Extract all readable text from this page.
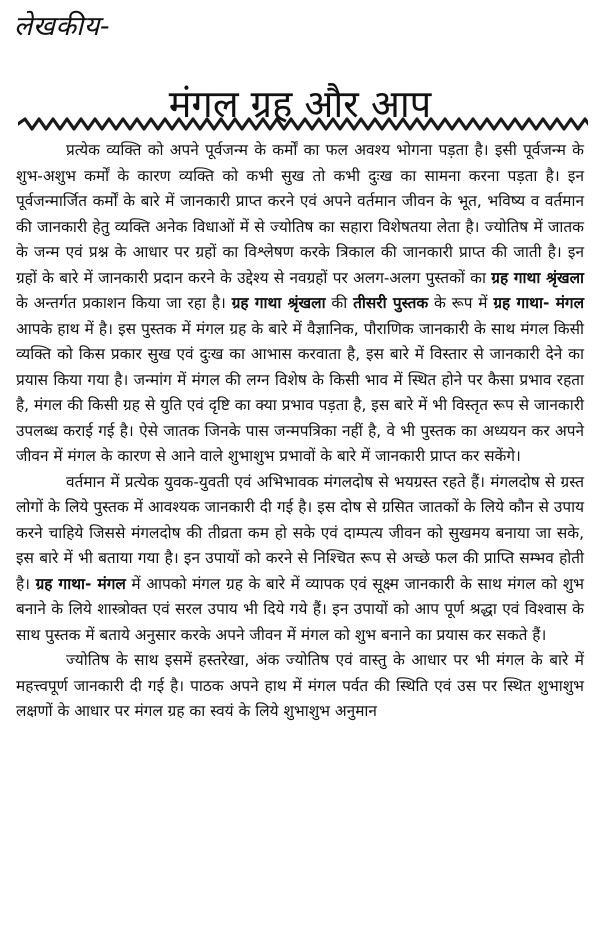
लेखकीय-
मंगल ग्रह और आप

प्रत्येक व्यक्ति को अपने पूर्वजन्म के कर्मों का फल अवश्य भोगना पड़ता है। इसी पूर्वजन्म के शुभ-अशुभ कर्मों के कारण व्यक्ति को कभी सुख तो कभी दुःख का सामना करना पड़ता है। इन पूर्वजन्मार्जित कर्मों के बारे में जानकारी प्राप्त करने एवं अपने वर्तमान जीवन के भूत, भविष्य व वर्तमान की जानकारी हेतु व्यक्ति अनेक विधाओं में से ज्योतिष का सहारा विशेषतया लेता है। ज्योतिष में जातक के जन्म एवं प्रश्न के आधार पर ग्रहों का विश्लेषण करके त्रिकाल की जानकारी प्राप्त की जाती है। इन ग्रहों के बारे में जानकारी प्रदान करने के उद्देश्य से नवग्रहों पर अलग-अलग पुस्तकों का ग्रह गाथा श्रृंखला के अन्तर्गत प्रकाशन किया जा रहा है। ग्रह गाथा श्रृंखला की तीसरी पुस्तक के रूप में ग्रह गाथा- मंगल आपके हाथ में है। इस पुस्तक में मंगल ग्रह के बारे में वैज्ञानिक, पौराणिक जानकारी के साथ मंगल किसी व्यक्ति को किस प्रकार सुख एवं दुःख का आभास करवाता है, इस बारे में विस्तार से जानकारी देने का प्रयास किया गया है। जन्मांग में मंगल की लग्न विशेष के किसी भाव में स्थित होने पर कैसा प्रभाव रहता है, मंगल की किसी ग्रह से युति एवं दृष्टि का क्या प्रभाव पड़ता है, इस बारे में भी विस्तृत रूप से जानकारी उपलब्ध कराई गई है। ऐसे जातक जिनके पास जन्मपत्रिका नहीं है, वे भी पुस्तक का अध्ययन कर अपने जीवन में मंगल के कारण से आने वाले शुभाशुभ प्रभावों के बारे में जानकारी प्राप्त कर सकेंगे।

वर्तमान में प्रत्येक युवक-युवती एवं अभिभावक मंगलदोष से भयग्रस्त रहते हैं। मंगलदोष से ग्रस्त लोगों के लिये पुस्तक में आवश्यक जानकारी दी गई है। इस दोष से ग्रसित जातकों के लिये कौन से उपाय करने चाहिये जिससे मंगलदोष की तीव्रता कम हो सके एवं दाम्पत्य जीवन को सुखमय बनाया जा सके, इस बारे में भी बताया गया है। इन उपायों को करने से निश्चित रूप से अच्छे फल की प्राप्ति सम्भव होती है। ग्रह गाथा- मंगल में आपको मंगल ग्रह के बारे में व्यापक एवं सूक्ष्म जानकारी के साथ मंगल को शुभ बनाने के लिये शास्त्रोक्त एवं सरल उपाय भी दिये गये हैं। इन उपायों को आप पूर्ण श्रद्धा एवं विश्वास के साथ पुस्तक में बताये अनुसार करके अपने जीवन में मंगल को शुभ बनाने का प्रयास कर सकते हैं।

ज्योतिष के साथ इसमें हस्तरेखा, अंक ज्योतिष एवं वास्तु के आधार पर भी मंगल के बारे में महत्त्वपूर्ण जानकारी दी गई है। पाठक अपने हाथ में मंगल पर्वत की स्थिति एवं उस पर स्थित शुभाशुभ लक्षणों के आधार पर मंगल ग्रह का स्वयं के लिये शुभाशुभ अनुमान
